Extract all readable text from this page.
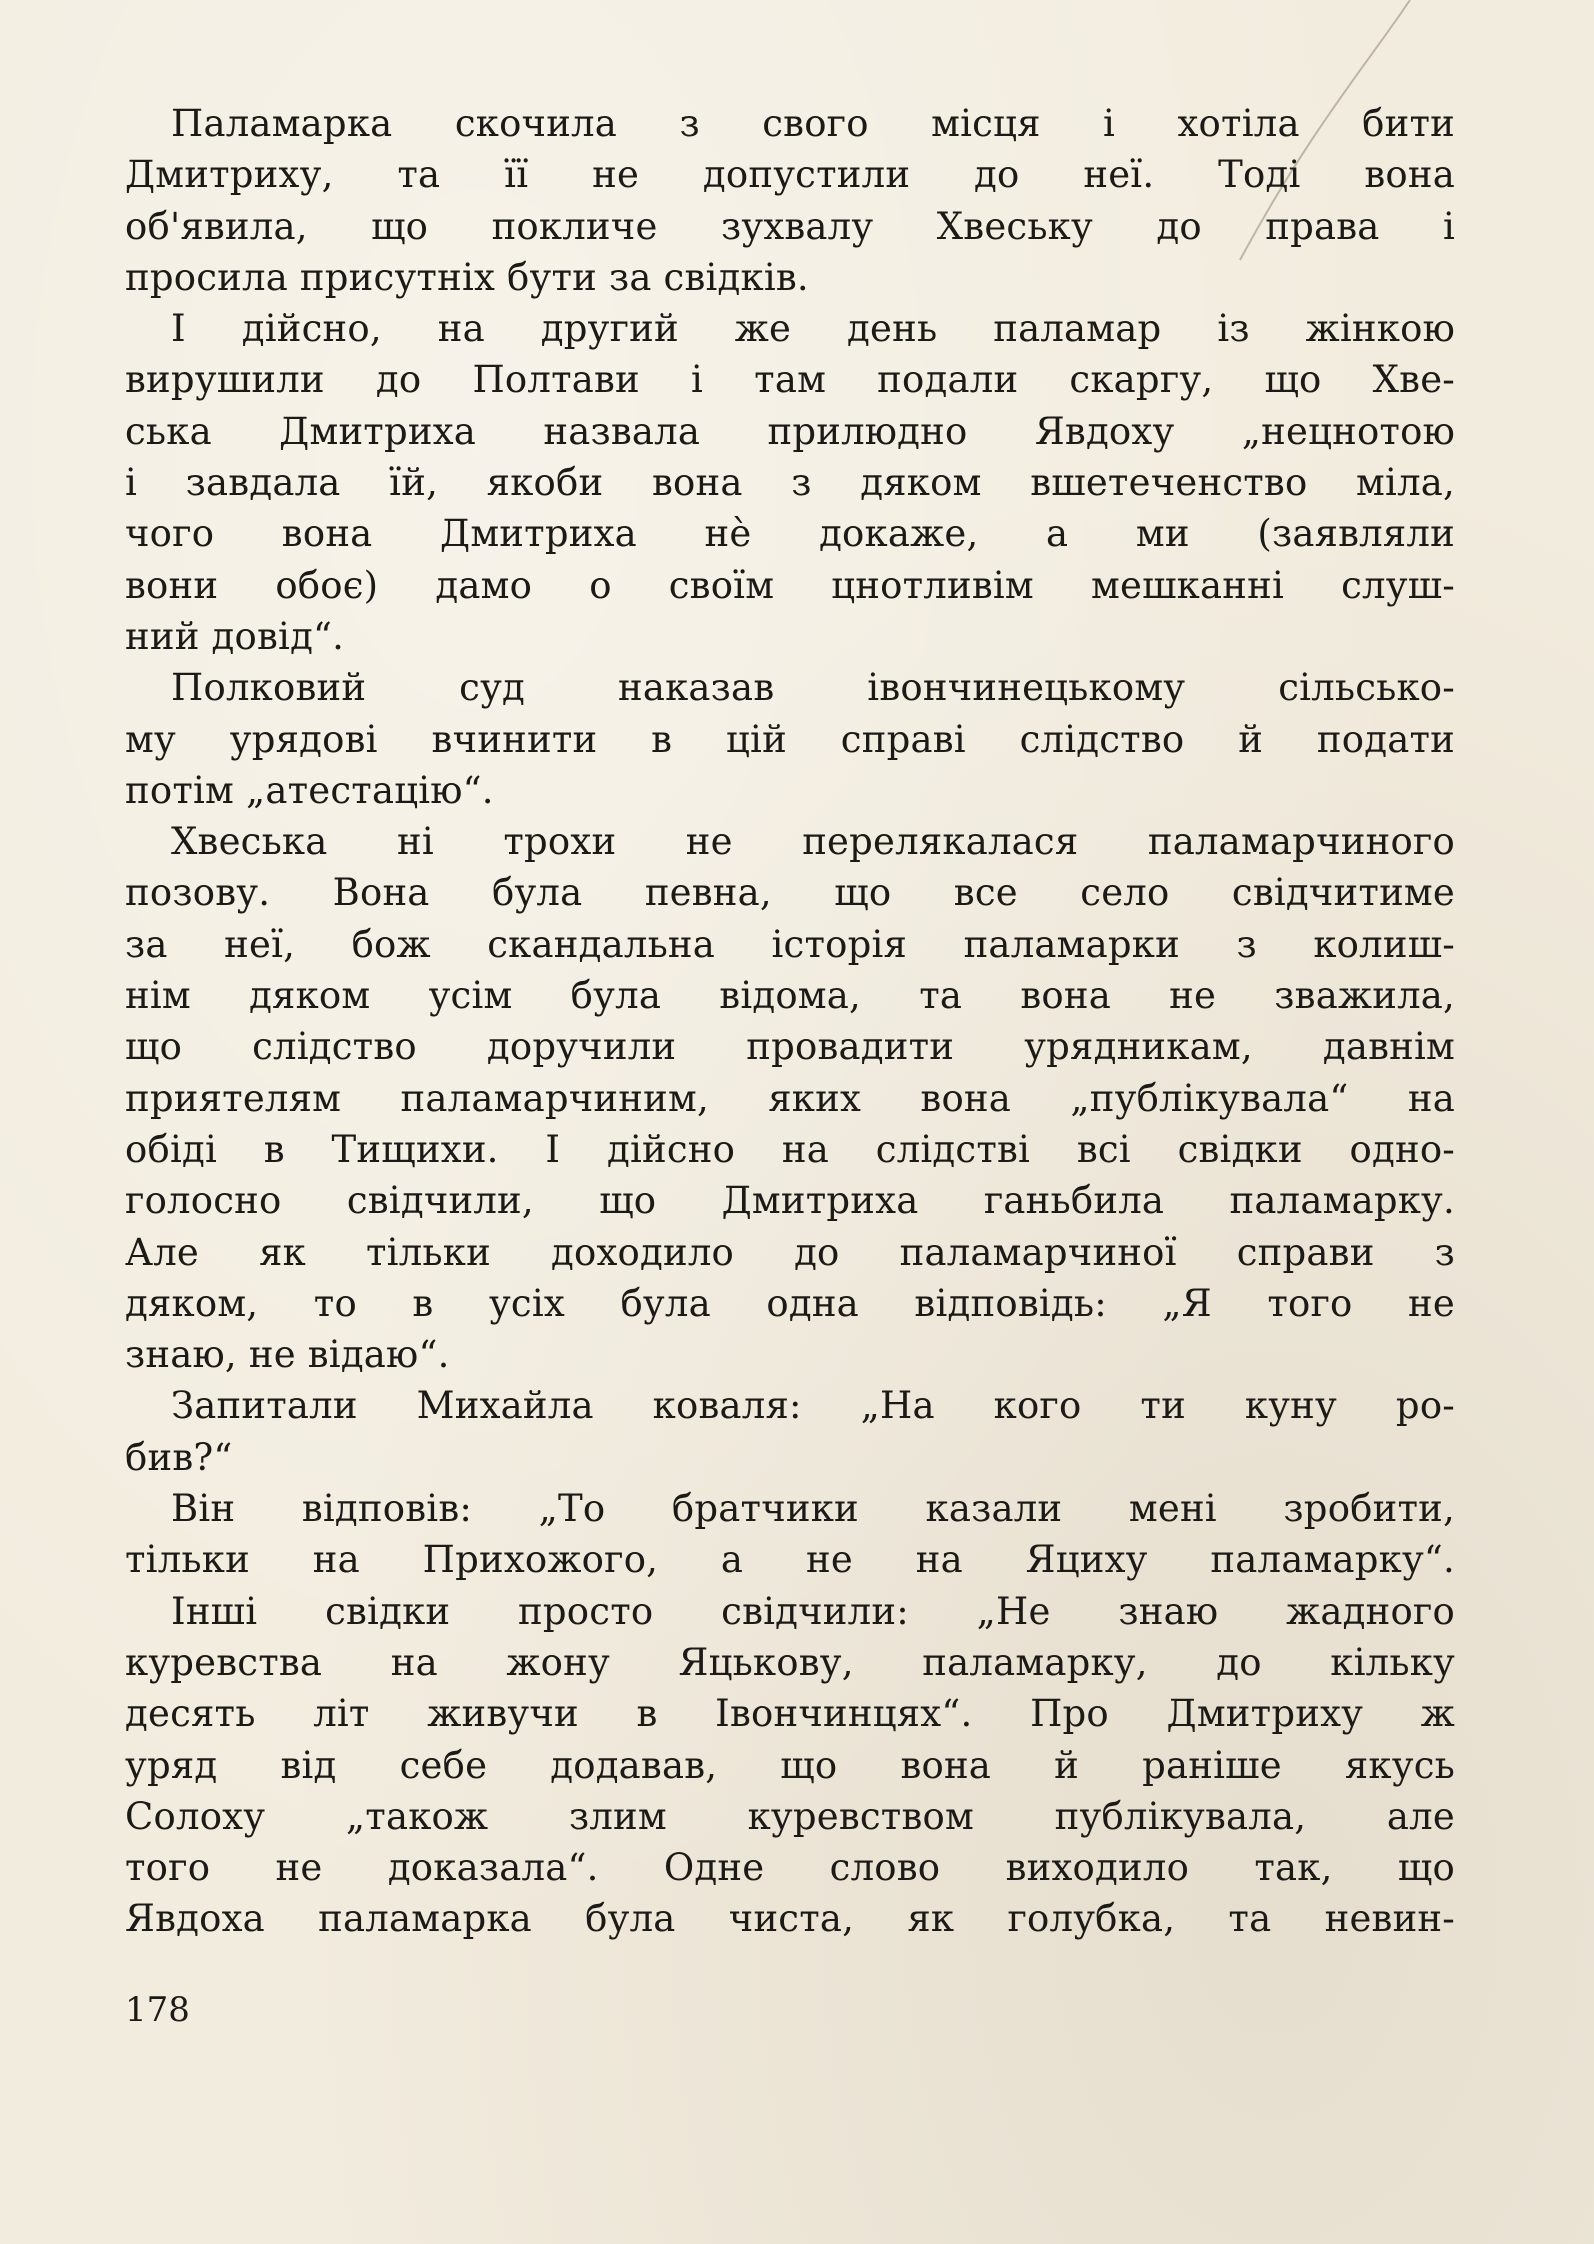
Паламарка скочила з свого місця і хотіла бити
Дмитриху, та її не допустили до неї. Тоді вона
об'явила, що покличе зухвалу Хвеську до права і
просила присутніх бути за свідків.
І дійсно, на другий же день паламар із жінкою
вирушили до Полтави і там подали скаргу, що Хве-
ська Дмитриха назвала прилюдно Явдоху „нецнотою
і завдала їй, якоби вона з дяком вшетеченство міла,
чого вона Дмитриха нè докаже, а ми (заявляли
вони обоє) дамо о своїм цнотливім мешканні слуш-
ний довід“.
Полковий суд наказав івончинецькому сільсько-
му урядові вчинити в цій справі слідство й подати
потім „атестацію“.
Хвеська ні трохи не перелякалася паламарчиного
позову. Вона була певна, що все село свідчитиме
за неї, бож скандальна історія паламарки з колиш-
нім дяком усім була відома, та вона не зважила,
що слідство доручили провадити урядникам, давнім
приятелям паламарчиним, яких вона „публікувала“ на
обіді в Тищихи. І дійсно на слідстві всі свідки одно-
голосно свідчили, що Дмитриха ганьбила паламарку.
Але як тільки доходило до паламарчиної справи з
дяком, то в усіх була одна відповідь: „Я того не
знаю, не відаю“.
Запитали Михайла коваля: „На кого ти куну ро-
бив?“
Він відповів: „То братчики казали мені зробити,
тільки на Прихожого, а не на Яциху паламарку“.
Інші свідки просто свідчили: „Не знаю жадного
куревства на жону Яцькову, паламарку, до кільку
десять літ живучи в Івончинцях“. Про Дмитриху ж
уряд від себе додавав, що вона й раніше якусь
Солоху „також злим куревством публікувала, але
того не доказала“. Одне слово виходило так, що
Явдоха паламарка була чиста, як голубка, та невин-
178
